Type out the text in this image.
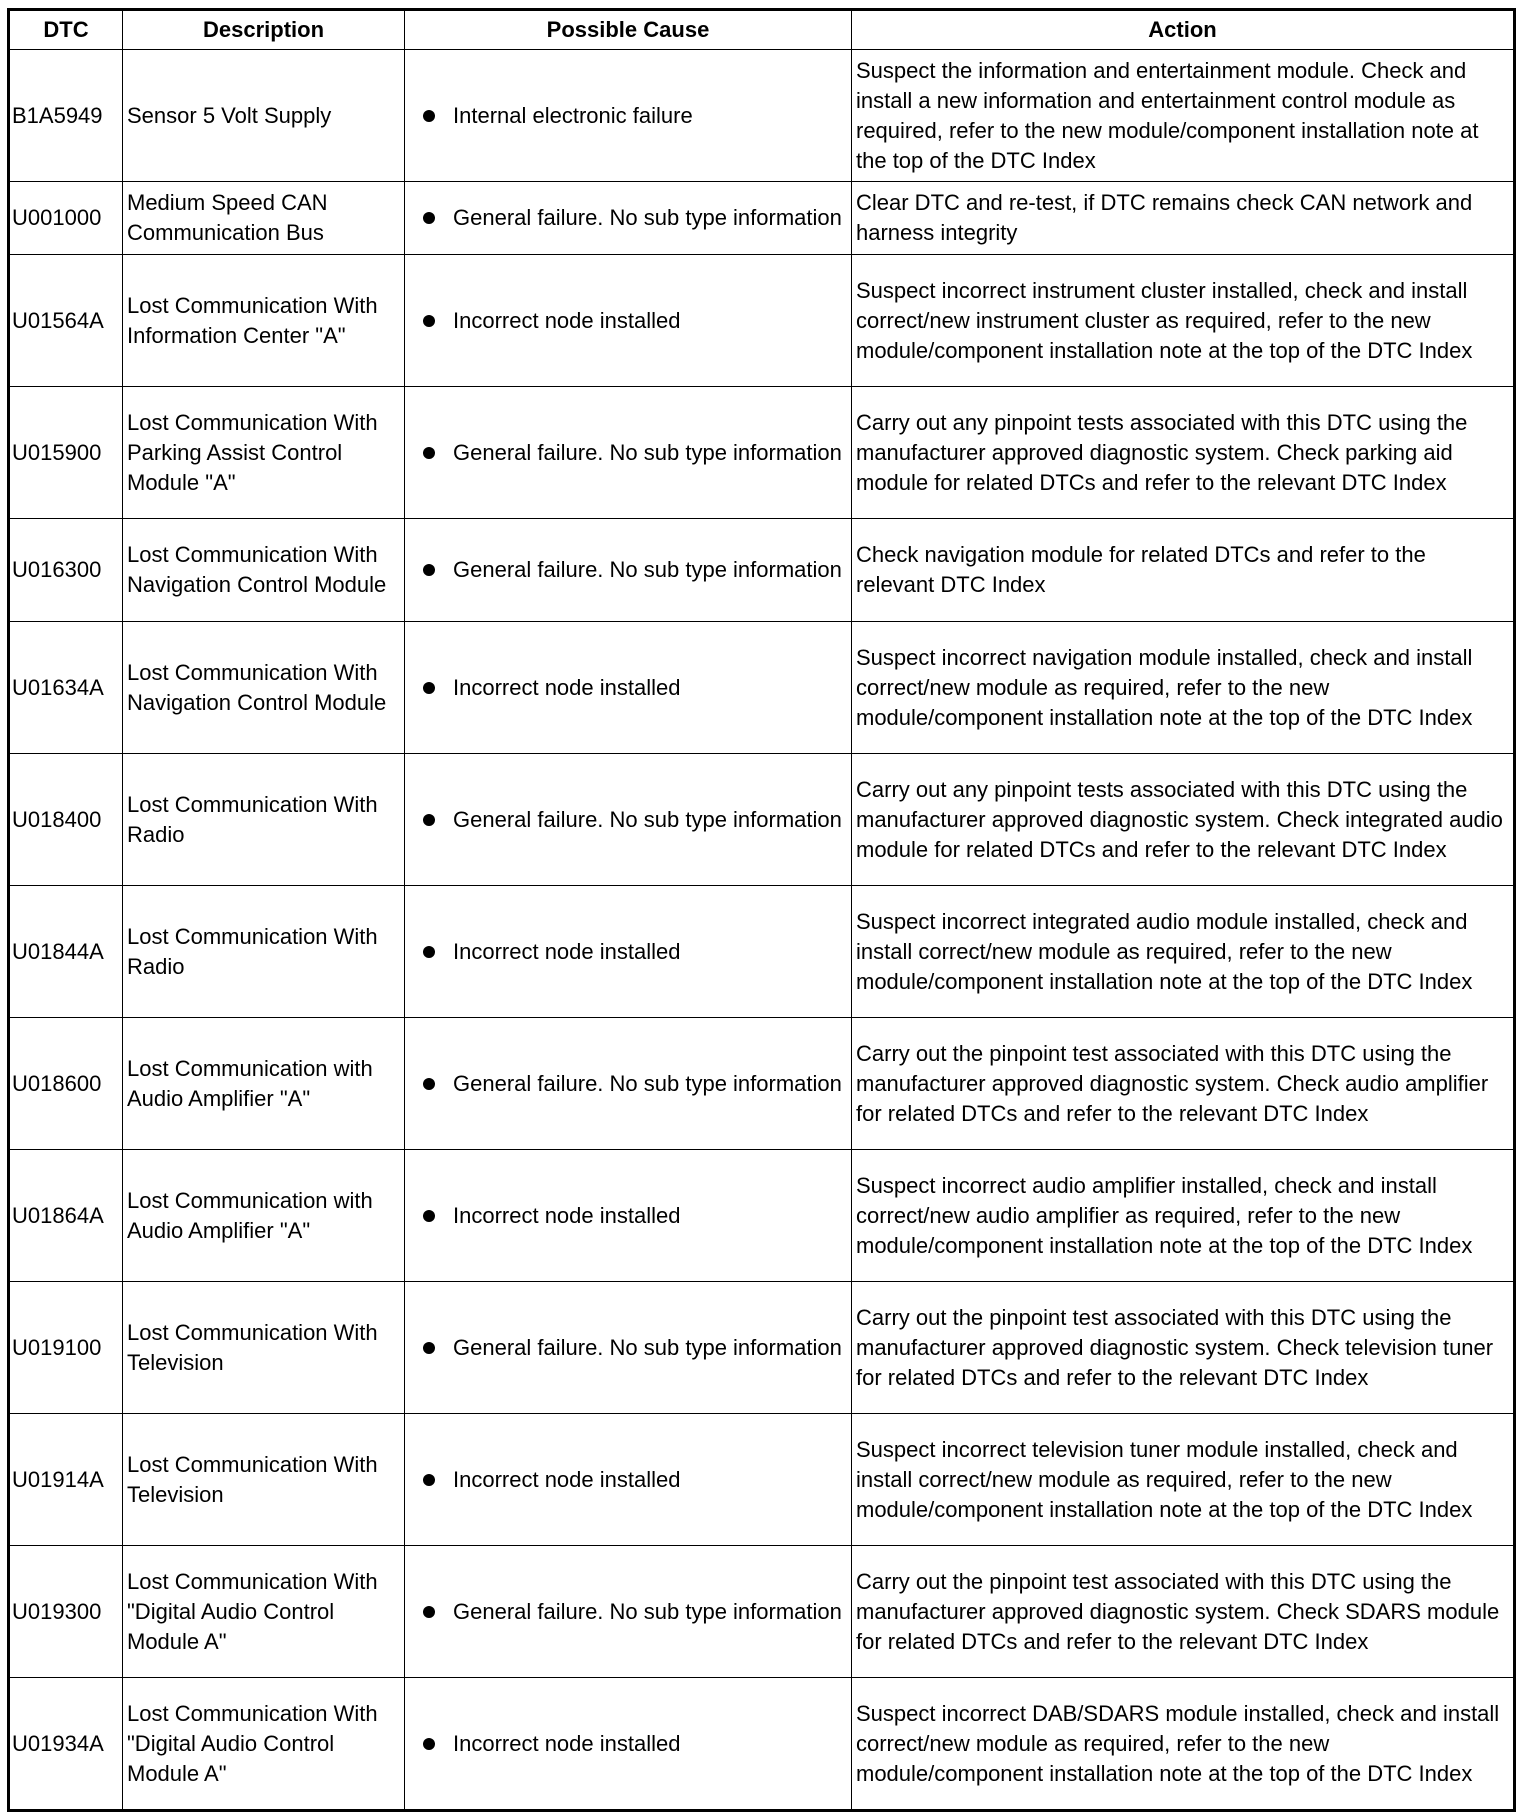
DTC	Description	Possible Cause	Action
B1A5949	Sensor 5 Volt Supply	Internal electronic failure	Suspect the information and entertainment module. Check and install a new information and entertainment control module as required, refer to the new module/component installation note at the top of the DTC Index
U001000	Medium Speed CAN Communication Bus	General failure. No sub type information	Clear DTC and re-test, if DTC remains check CAN network and harness integrity
U01564A	Lost Communication With Information Center "A"	Incorrect node installed	Suspect incorrect instrument cluster installed, check and install correct/new instrument cluster as required, refer to the new module/component installation note at the top of the DTC Index
U015900	Lost Communication With Parking Assist Control Module "A"	General failure. No sub type information	Carry out any pinpoint tests associated with this DTC using the manufacturer approved diagnostic system. Check parking aid module for related DTCs and refer to the relevant DTC Index
U016300	Lost Communication With Navigation Control Module	General failure. No sub type information	Check navigation module for related DTCs and refer to the relevant DTC Index
U01634A	Lost Communication With Navigation Control Module	Incorrect node installed	Suspect incorrect navigation module installed, check and install correct/new module as required, refer to the new module/component installation note at the top of the DTC Index
U018400	Lost Communication With Radio	General failure. No sub type information	Carry out any pinpoint tests associated with this DTC using the manufacturer approved diagnostic system. Check integrated audio module for related DTCs and refer to the relevant DTC Index
U01844A	Lost Communication With Radio	Incorrect node installed	Suspect incorrect integrated audio module installed, check and install correct/new module as required, refer to the new module/component installation note at the top of the DTC Index
U018600	Lost Communication with Audio Amplifier "A"	General failure. No sub type information	Carry out the pinpoint test associated with this DTC using the manufacturer approved diagnostic system. Check audio amplifier for related DTCs and refer to the relevant DTC Index
U01864A	Lost Communication with Audio Amplifier "A"	Incorrect node installed	Suspect incorrect audio amplifier installed, check and install correct/new audio amplifier as required, refer to the new module/component installation note at the top of the DTC Index
U019100	Lost Communication With Television	General failure. No sub type information	Carry out the pinpoint test associated with this DTC using the manufacturer approved diagnostic system. Check television tuner for related DTCs and refer to the relevant DTC Index
U01914A	Lost Communication With Television	Incorrect node installed	Suspect incorrect television tuner module installed, check and install correct/new module as required, refer to the new module/component installation note at the top of the DTC Index
U019300	Lost Communication With "Digital Audio Control Module A"	General failure. No sub type information	Carry out the pinpoint test associated with this DTC using the manufacturer approved diagnostic system. Check SDARS module for related DTCs and refer to the relevant DTC Index
U01934A	Lost Communication With "Digital Audio Control Module A"	Incorrect node installed	Suspect incorrect DAB/SDARS module installed, check and install correct/new module as required, refer to the new module/component installation note at the top of the DTC Index
